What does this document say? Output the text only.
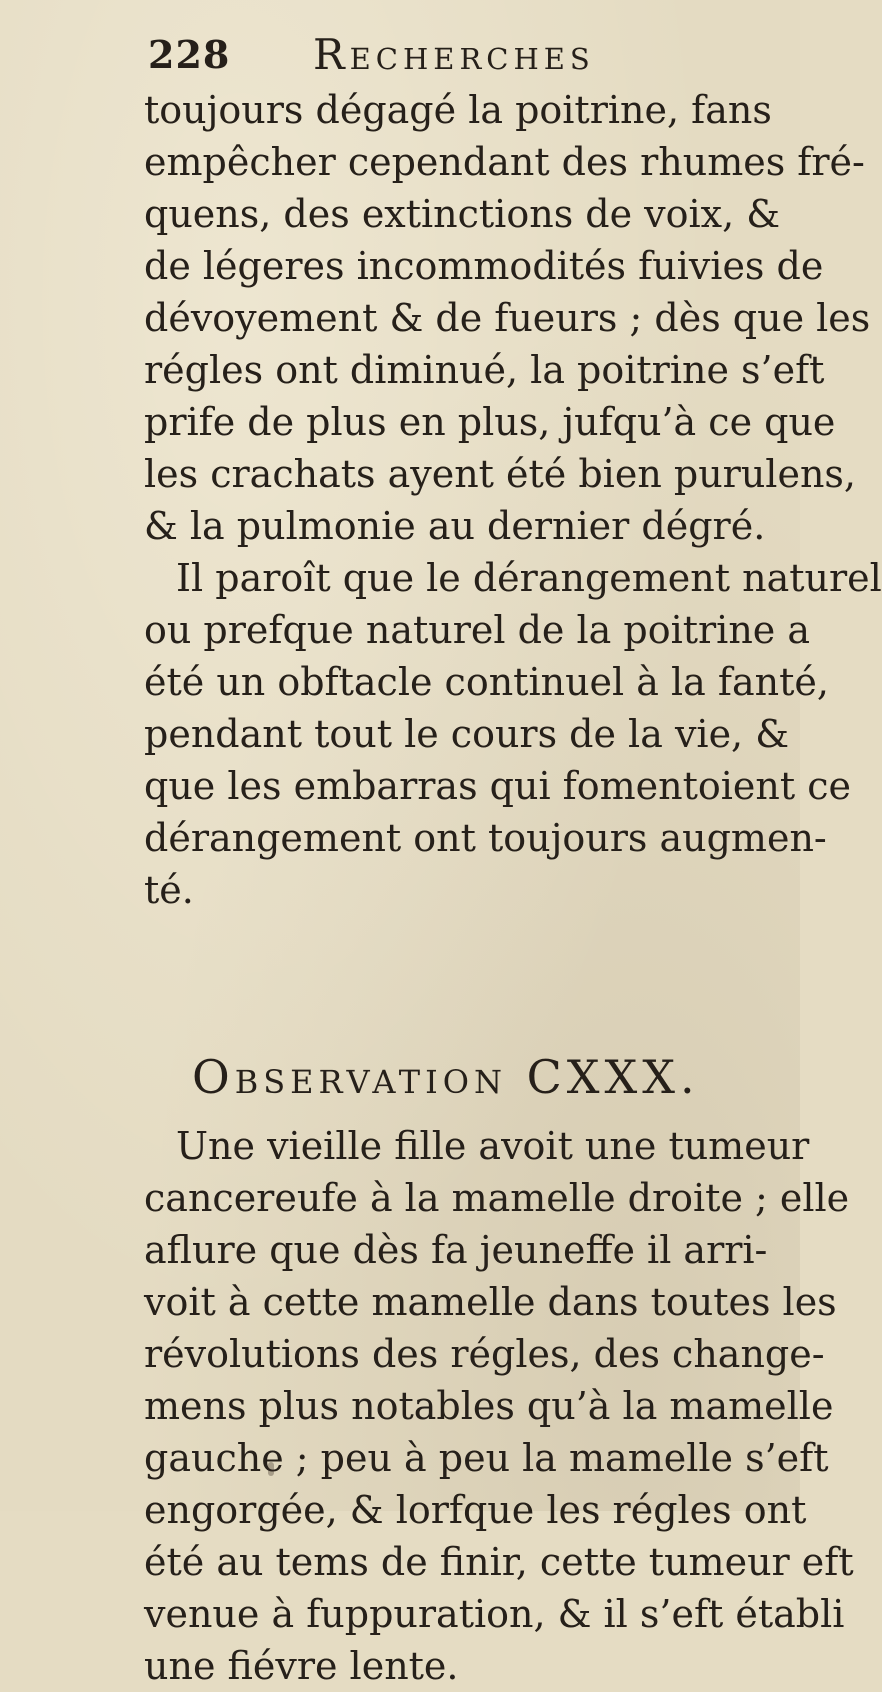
228 Recherches
toujours dégagé la poitrine, fans
empêcher cependant des rhumes fré-
quens, des extinctions de voix, &
de légeres incommodités fuivies de
dévoyement & de fueurs ; dès que les
régles ont diminué, la poitrine s’eft
prife de plus en plus, jufqu’à ce que
les crachats ayent été bien purulens,
& la pulmonie au dernier dégré.
Il paroît que le dérangement naturel
ou prefque naturel de la poitrine a
été un obftacle continuel à la fanté,
pendant tout le cours de la vie, &
que les embarras qui fomentoient ce
dérangement ont toujours augmen-
té.
Observation CXXX.
Une vieille fille avoit une tumeur
cancereufe à la mamelle droite ; elle
aflure que dès fa jeuneffe il arri-
voit à cette mamelle dans toutes les
révolutions des régles, des change-
mens plus notables qu’à la mamelle
gauche ; peu à peu la mamelle s’eft
engorgée, & lorfque les régles ont
été au tems de finir, cette tumeur eft
venue à fuppuration, & il s’eft établi
une fiévre lente.
